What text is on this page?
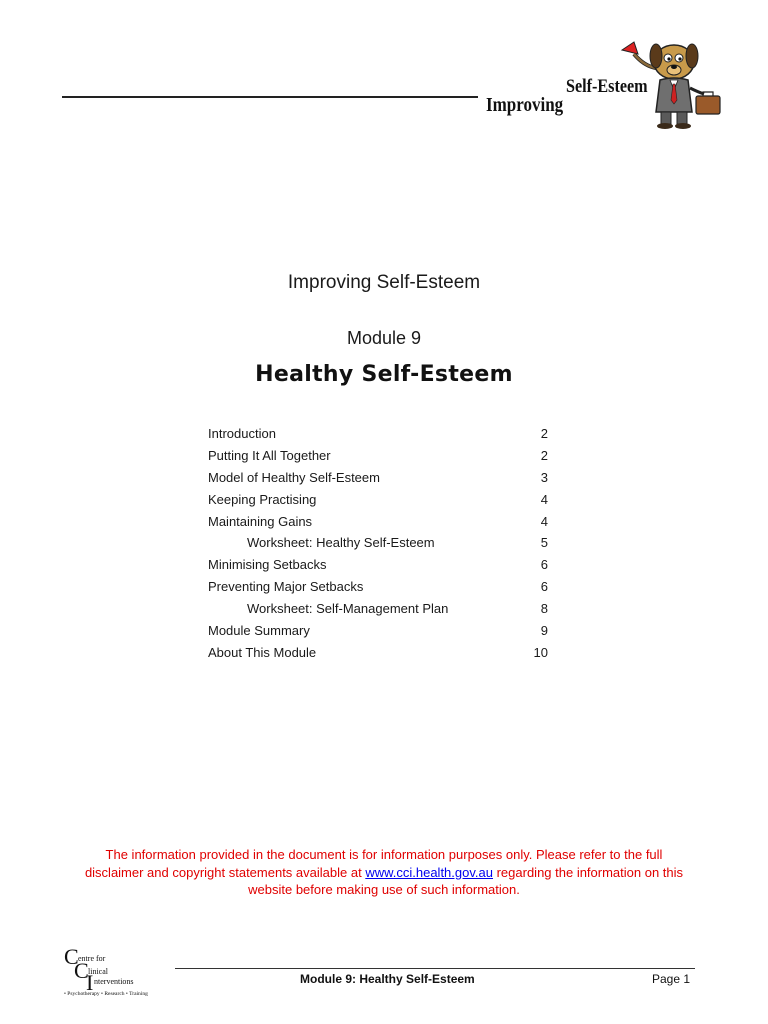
Self-Esteem
Improving
Improving Self-Esteem
Module 9
Healthy Self-Esteem
Introduction	2
Putting It All Together	2
Model of Healthy Self-Esteem	3
Keeping Practising	4
Maintaining Gains	4
Worksheet: Healthy Self-Esteem	5
Minimising Setbacks	6
Preventing Major Setbacks	6
Worksheet: Self-Management Plan	8
Module Summary	9
About This Module	10
The information provided in the document is for information purposes only. Please refer to the full disclaimer and copyright statements available at www.cci.health.gov.au regarding the information on this website before making use of such information.
C entre for
C linical
I nterventions
• Psychotherapy • Research • Training
Module 9: Healthy Self-Esteem	Page 1
